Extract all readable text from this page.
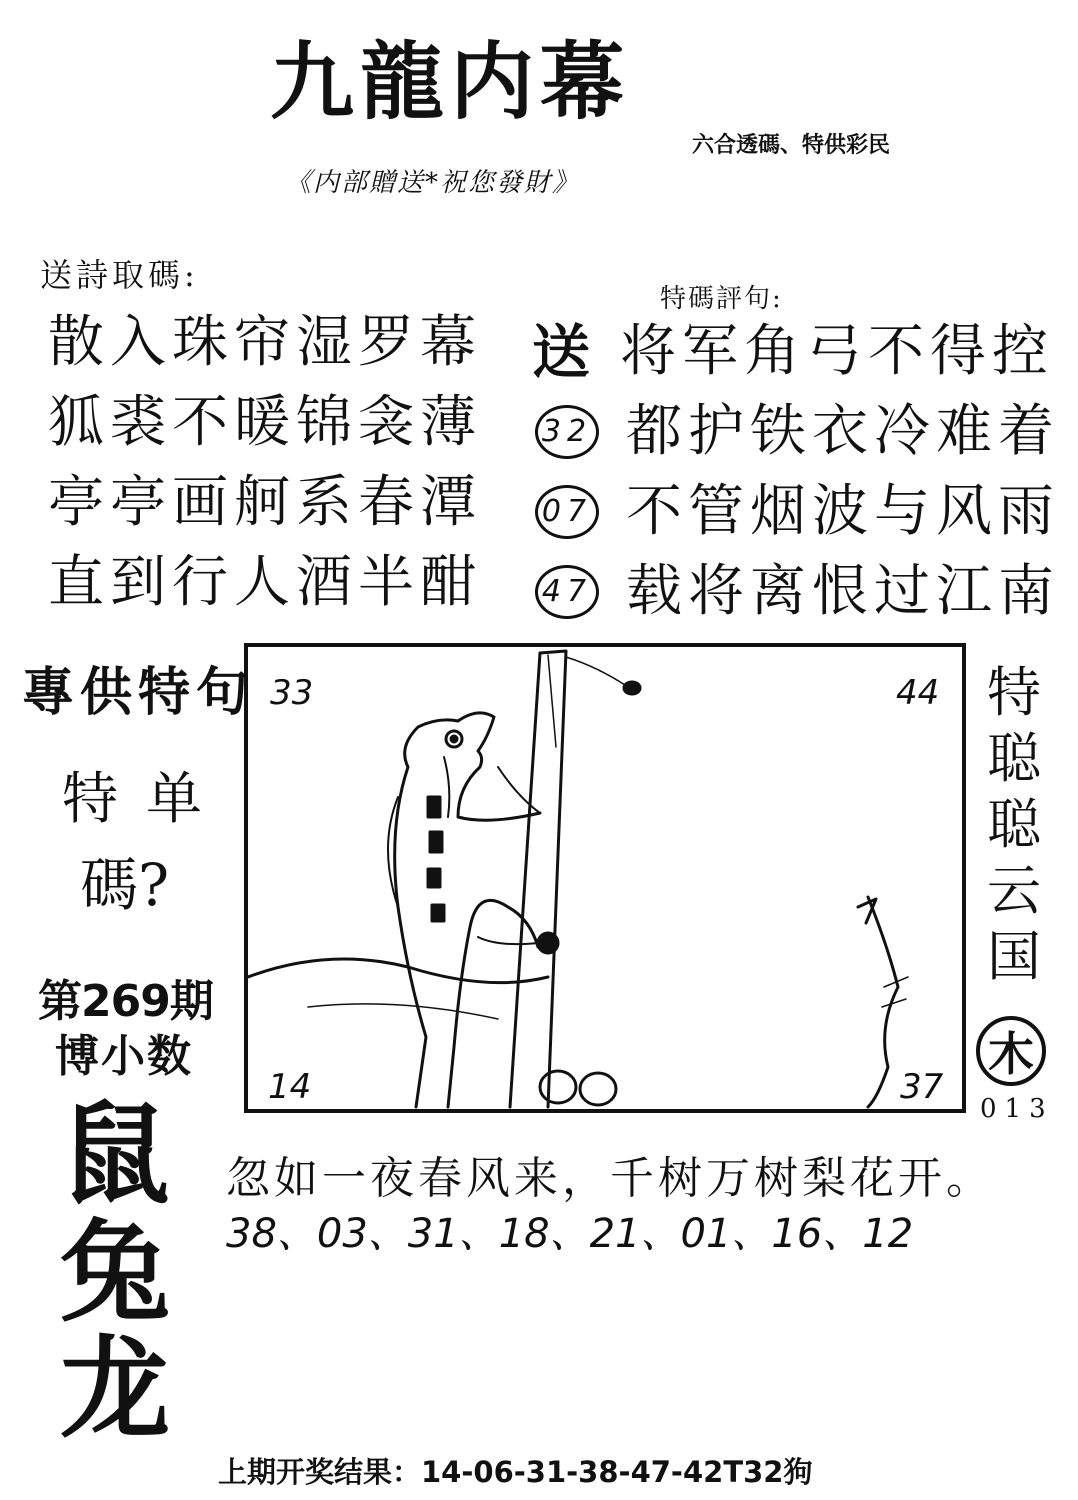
九龍内幕
六合透碼、特供彩民
《内部贈送*祝您發財》
送詩取碼:
特碼評句:
散入珠帘湿罗幕
狐裘不暖锦衾薄
亭亭画舸系春潭
直到行人酒半酣
送 将军角弓不得控
32 都护铁衣冷难着
07 不管烟波与风雨
47 载将离恨过江南
專供特句
特单
碼?
第269期
博小数
鼠
兔
龙
33	44
14	37
特
聪
聪
云
国
木
013
忽如一夜春风来，千树万树梨花开。
38、03、31、18、21、01、16、12
上期开奖结果：14-06-31-38-47-42T32狗
